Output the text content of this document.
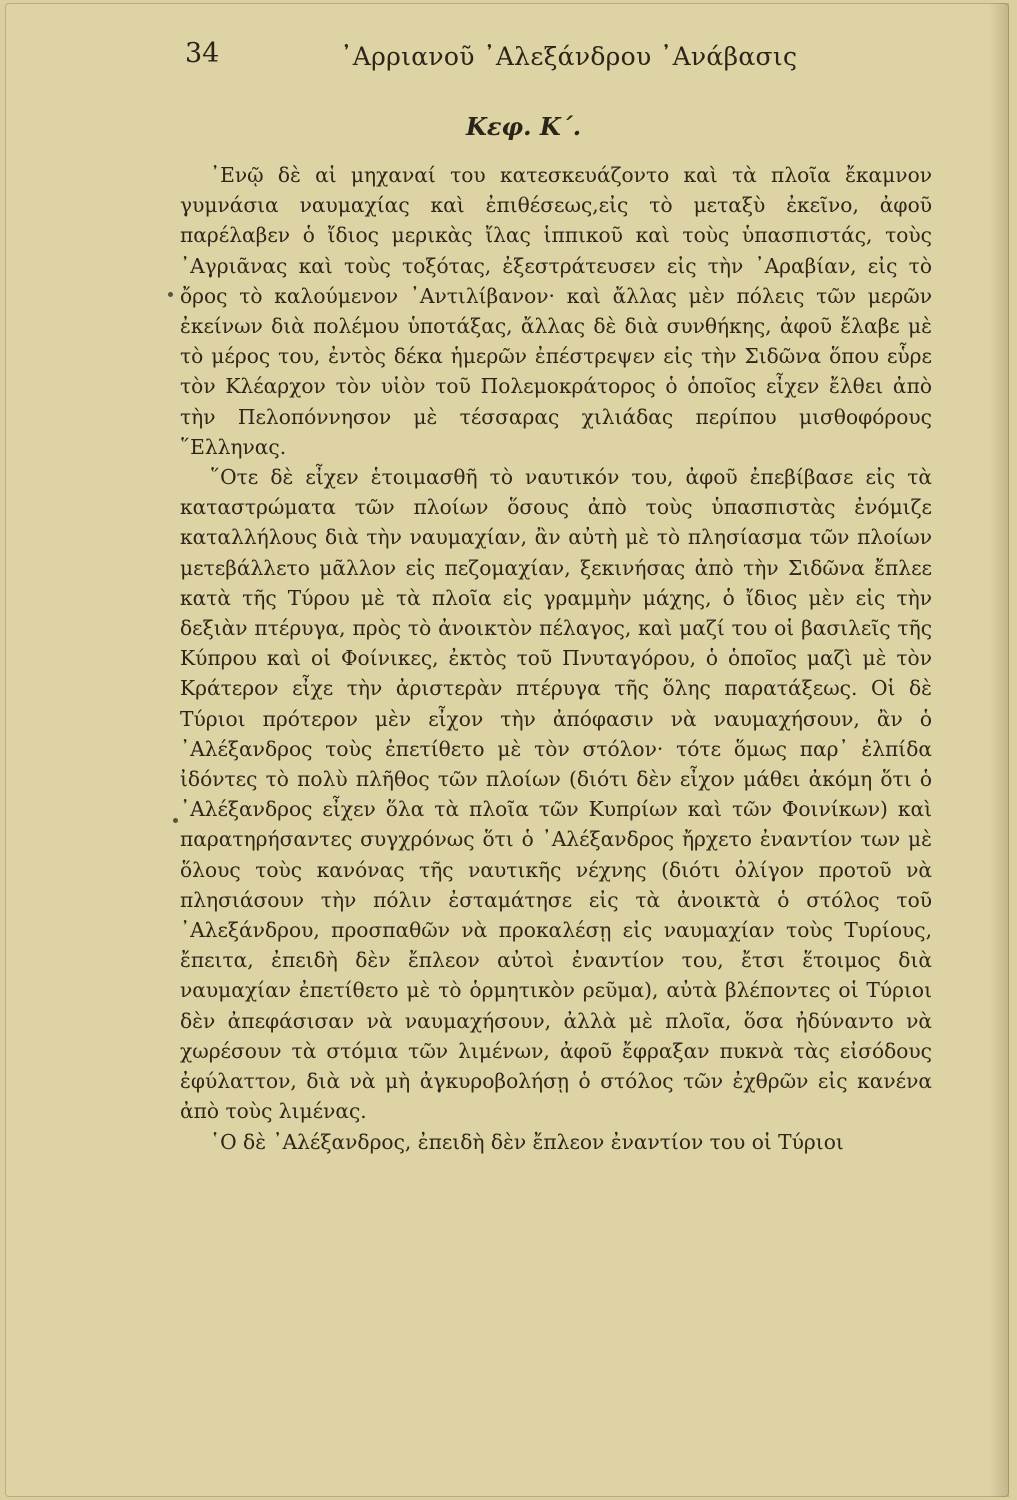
34	᾿Αρριανοῦ ᾿Αλεξάνδρου ᾿Ανάβασις
Κεφ. Κ΄.

᾿Ενῷ δὲ αἱ μηχαναί του κατεσκευάζοντο καὶ τὰ πλοῖα ἔκαμνον γυμνάσια ναυμαχίας καὶ ἐπιθέσεως,εἰς τὸ μεταξὺ ἐκεῖνο, ἀφοῦ παρέλαβεν ὁ ἴδιος μερικὰς ἴλας ἱππικοῦ καὶ τοὺς ὑπασπιστάς, τοὺς ᾿Αγριᾶνας καὶ τοὺς τοξότας, ἐξεστράτευσεν εἰς τὴν ᾿Αραβίαν, εἰς τὸ ὄρος τὸ καλούμενον ᾿Αντιλίβανον· καὶ ἄλλας μὲν πόλεις τῶν μερῶν ἐκείνων διὰ πολέμου ὑποτάξας, ἄλλας δὲ διὰ συνθήκης, ἀφοῦ ἔλαβε μὲ τὸ μέρος του, ἐντὸς δέκα ἡμερῶν ἐπέστρεψεν εἰς τὴν Σιδῶνα ὅπου εὗρε τὸν Κλέαρχον τὸν υἱὸν τοῦ Πολεμοκράτορος ὁ ὁποῖος εἶχεν ἔλθει ἀπὸ τὴν Πελοπόννησον μὲ τέσσαρας χιλιάδας περίπου μισθοφόρους ῞Ελληνας.

῞Οτε δὲ εἶχεν ἑτοιμασθῆ τὸ ναυτικόν του, ἀφοῦ ἐπεβίβασε εἰς τὰ καταστρώματα τῶν πλοίων ὅσους ἀπὸ τοὺς ὑπασπιστὰς ἐνόμιζε καταλλήλους διὰ τὴν ναυμαχίαν, ἂν αὐτὴ μὲ τὸ πλησίασμα τῶν πλοίων μετεβάλλετο μᾶλλον εἰς πεζομαχίαν, ξεκινήσας ἀπὸ τὴν Σιδῶνα ἔπλεε κατὰ τῆς Τύρου μὲ τὰ πλοῖα εἰς γραμμὴν μάχης, ὁ ἴδιος μὲν εἰς τὴν δεξιὰν πτέρυγα, πρὸς τὸ ἀνοικτὸν πέλαγος, καὶ μαζί του οἱ βασιλεῖς τῆς Κύπρου καὶ οἱ Φοίνικες, ἐκτὸς τοῦ Πνυταγόρου, ὁ ὁποῖος μαζὶ μὲ τὸν Κράτερον εἶχε τὴν ἀριστερὰν πτέρυγα τῆς ὅλης παρατάξεως. Οἱ δὲ Τύριοι πρότερον μὲν εἶχον τὴν ἀπόφασιν νὰ ναυμαχήσουν, ἂν ὁ ᾿Αλέξανδρος τοὺς ἐπετίθετο μὲ τὸν στόλον· τότε ὅμως παρ᾿ ἐλπίδα ἰδόντες τὸ πολὺ πλῆθος τῶν πλοίων (διότι δὲν εἶχον μάθει ἀκόμη ὅτι ὁ ᾿Αλέξανδρος εἶχεν ὅλα τὰ πλοῖα τῶν Κυπρίων καὶ τῶν Φοινίκων) καὶ παρατηρήσαντες συγχρόνως ὅτι ὁ ᾿Αλέξανδρος ἤρχετο ἐναντίον των μὲ ὅλους τοὺς κανόνας τῆς ναυτικῆς νέχνης (διότι ὀλίγον προτοῦ νὰ πλησιάσουν τὴν πόλιν ἐσταμάτησε εἰς τὰ ἀνοικτὰ ὁ στόλος τοῦ ᾿Αλεξάνδρου, προσπαθῶν νὰ προκαλέσῃ εἰς ναυμαχίαν τοὺς Τυρίους, ἔπειτα, ἐπειδὴ δὲν ἔπλεον αὐτοὶ ἐναντίον του, ἔτσι ἕτοιμος διὰ ναυμαχίαν ἐπετίθετο μὲ τὸ ὁρμητικὸν ρεῦμα), αὐτὰ βλέποντες οἱ Τύριοι δὲν ἀπεφάσισαν νὰ ναυμαχήσουν, ἀλλὰ μὲ πλοῖα, ὅσα ἠδύναντο νὰ χωρέσουν τὰ στόμια τῶν λιμένων, ἀφοῦ ἔφραξαν πυκνὰ τὰς εἰσόδους ἐφύλαττον, διὰ νὰ μὴ ἀγκυροβολήσῃ ὁ στόλος τῶν ἐχθρῶν εἰς κανένα ἀπὸ τοὺς λιμένας.

῾Ο δὲ ᾿Αλέξανδρος, ἐπειδὴ δὲν ἔπλεον ἐναντίον του οἱ Τύριοι
